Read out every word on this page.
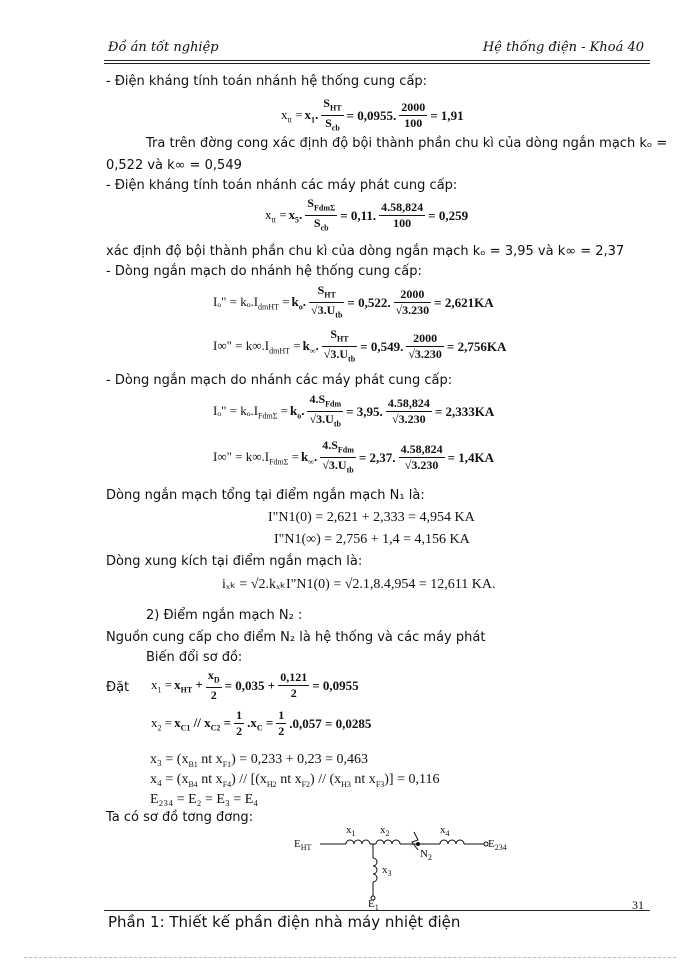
Đồ án tốt nghiệp	Hệ thống điện - Khoá 40
- Điện kháng tính toán nhánh hệ thống cung cấp:
$x_{tt} = x_1$. $\frac{S_{HT}}{S_{cb}} = 0,0955$. $\frac{2000}{100} = 1,91$
Tra trên đờng cong xác định độ bội thành phần chu kì của dòng ngắn mạch kₒ =
0,522 và k∞ = 0,549
- Điện kháng tính toán nhánh các máy phát cung cấp:
$x_{tt} = x_5$. $\frac{S_{Fdm\Sigma}}{S_{cb}} = 0,11$. $\frac{4.58,824}{100} = 0,259$
xác định độ bội thành phần chu kì của dòng ngắn mạch kₒ = 3,95 và k∞ = 2,37
- Dòng ngắn mạch do nhánh hệ thống cung cấp:
Iₒ" = $k_o.I_{dmHT} = k_o$. $\frac{S_{HT}}{√3.U_{tb}} = 0,522$. $\frac{2000}{√3.230} = 2,621KA$
I∞" = $k\infty.I_{dmHT} = k_\infty$. $\frac{S_{HT}}{√3.U_{tb}} = 0,549$. $\frac{2000}{√3.230} = 2,756KA$
- Dòng ngắn mạch do nhánh các máy phát cung cấp:
Iₒ" = $k_o.I_{Fdm\Sigma} = k_o$. $\frac{4.S_{Fdm}}{√3.U_{tb}} = 3,95$. $\frac{4.58,824}{√3.230} = 2,333KA$
I∞" = $k\infty.I_{Fdm\Sigma} = k_\infty$. $\frac{4.S_{Fdm}}{√3.U_{tb}} = 2,37$. $\frac{4.58,824}{√3.230} = 1,4KA$
Dòng ngắn mạch tổng tại điểm ngắn mạch N₁ là:
I"N1(0) = 2,621 + 2,333 = 4,954 KA
I"N1(∞) = 2,756 + 1,4 = 4,156 KA
Dòng xung kích tại điểm ngắn mạch là:
iₓₖ = √2.kₓₖI"N1(0) = √2.1,8.4,954 = 12,611 KA.
2) Điểm ngắn mạch N₂ :
Nguồn cung cấp cho điểm N₂ là hệ thống và các máy phát
Biến đổi sơ đồ:
Đặt $x_1 = x_{HT} + \frac{x_D}{2} = 0,035 + \frac{0,121}{2} = 0,0955$
$x_2 = x_{C1} // x_{C2} = \frac{1}{2} .x_C = \frac{1}{2} .0,057 = 0,0285$
$x_3 = (x_{B1}$ nt $x_{F1}) = 0,233 + 0,23 = 0,463$
$x_4 = (x_{B4}$ nt $x_{F4}) // [(x_{H2}$ nt $x_{F2}) // (x_{H3}$ nt $x_{F3})] = 0,116$
E₂₃₄ = E₂ = E₃ = E₄
Ta có sơ đồ tơng đơng:
$E_{HT}$
$x_1$ $x_2$	$x_4$
$N_2$
$x_3$
$E_{234}$
$E_1$	31
Phần 1: Thiết kế phần điện nhà máy nhiệt điện
